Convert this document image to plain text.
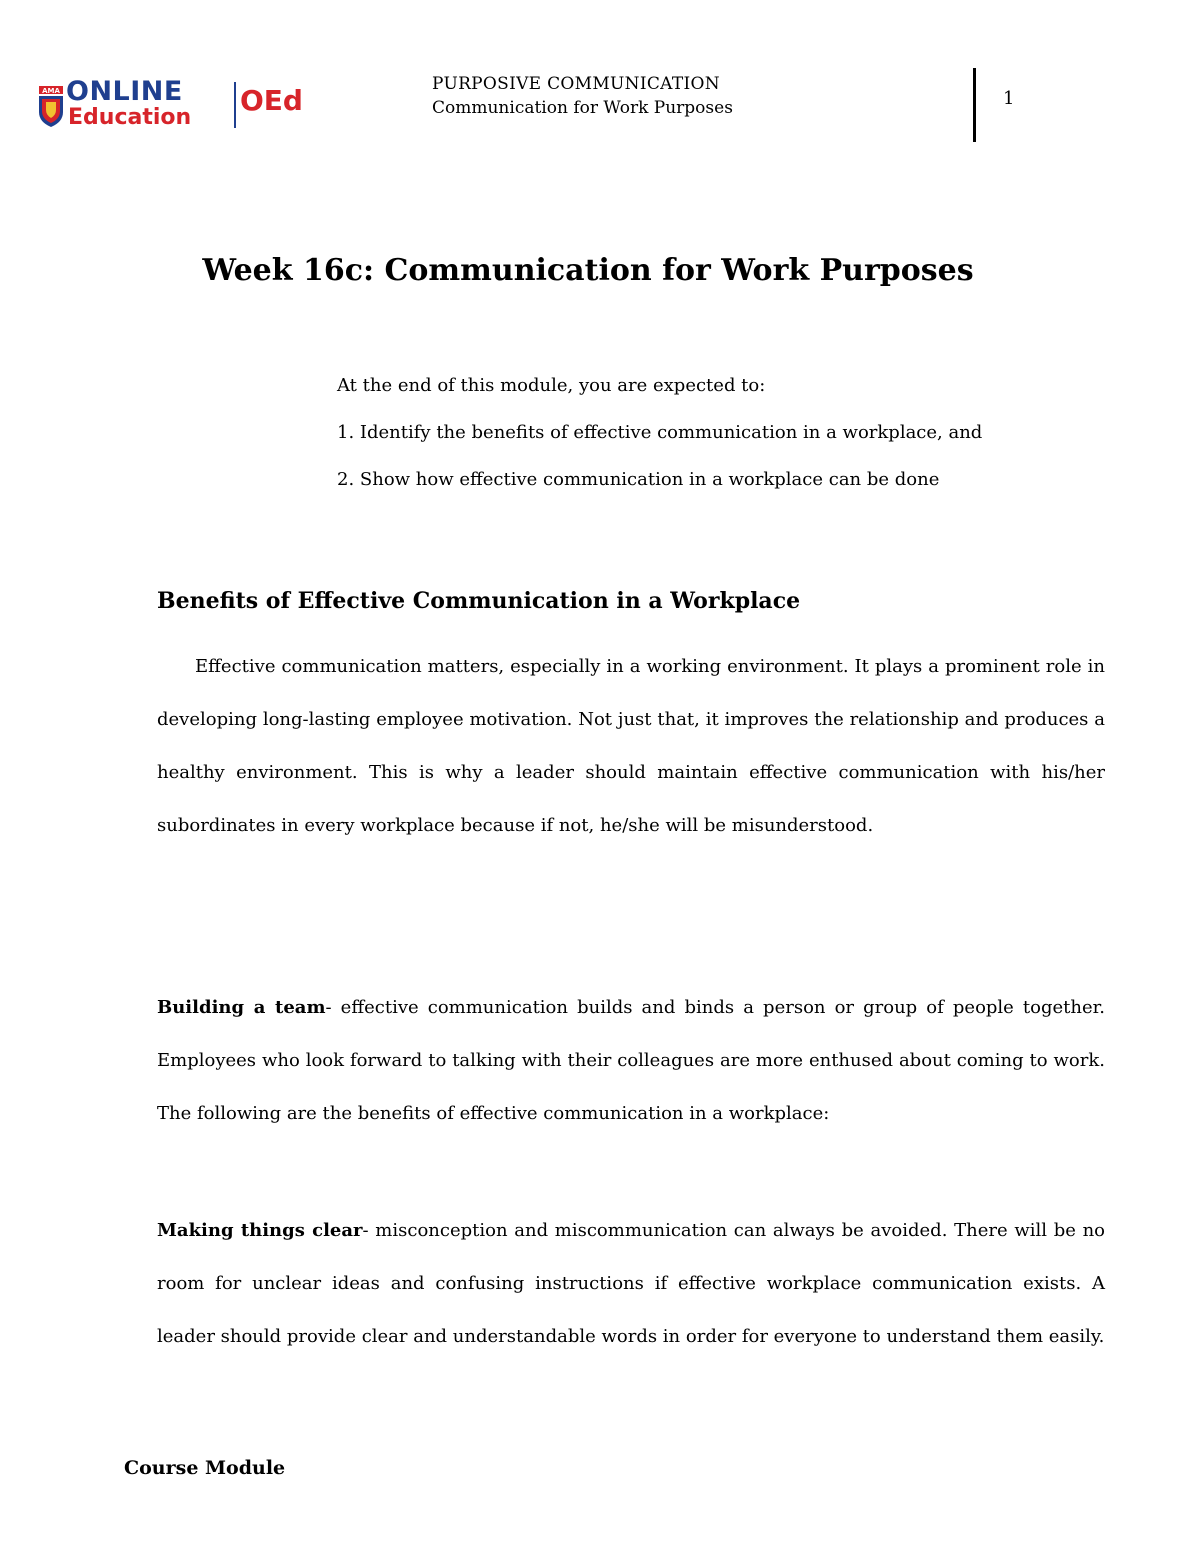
AMA ONLINE
Education
OEd	PURPOSIVE COMMUNICATION
Communication for Work Purposes	1
Week 16c: Communication for Work Purposes
At the end of this module, you are expected to:
1. Identify the benefits of effective communication in a workplace, and
2. Show how effective communication in a workplace can be done
Benefits of Effective Communication in a Workplace

Effective communication matters, especially in a working environment. It plays a prominent role in developing long-lasting employee motivation. Not just that, it improves the relationship and produces a healthy environment. This is why a leader should maintain effective communication with his/her subordinates in every workplace because if not, he/she will be misunderstood.

Building a team- effective communication builds and binds a person or group of people together. Employees who look forward to talking with their colleagues are more enthused about coming to work. The following are the benefits of effective communication in a workplace:

Making things clear- misconception and miscommunication can always be avoided. There will be no room for unclear ideas and confusing instructions if effective workplace communication exists. A leader should provide clear and understandable words in order for everyone to understand them easily.

Course Module
